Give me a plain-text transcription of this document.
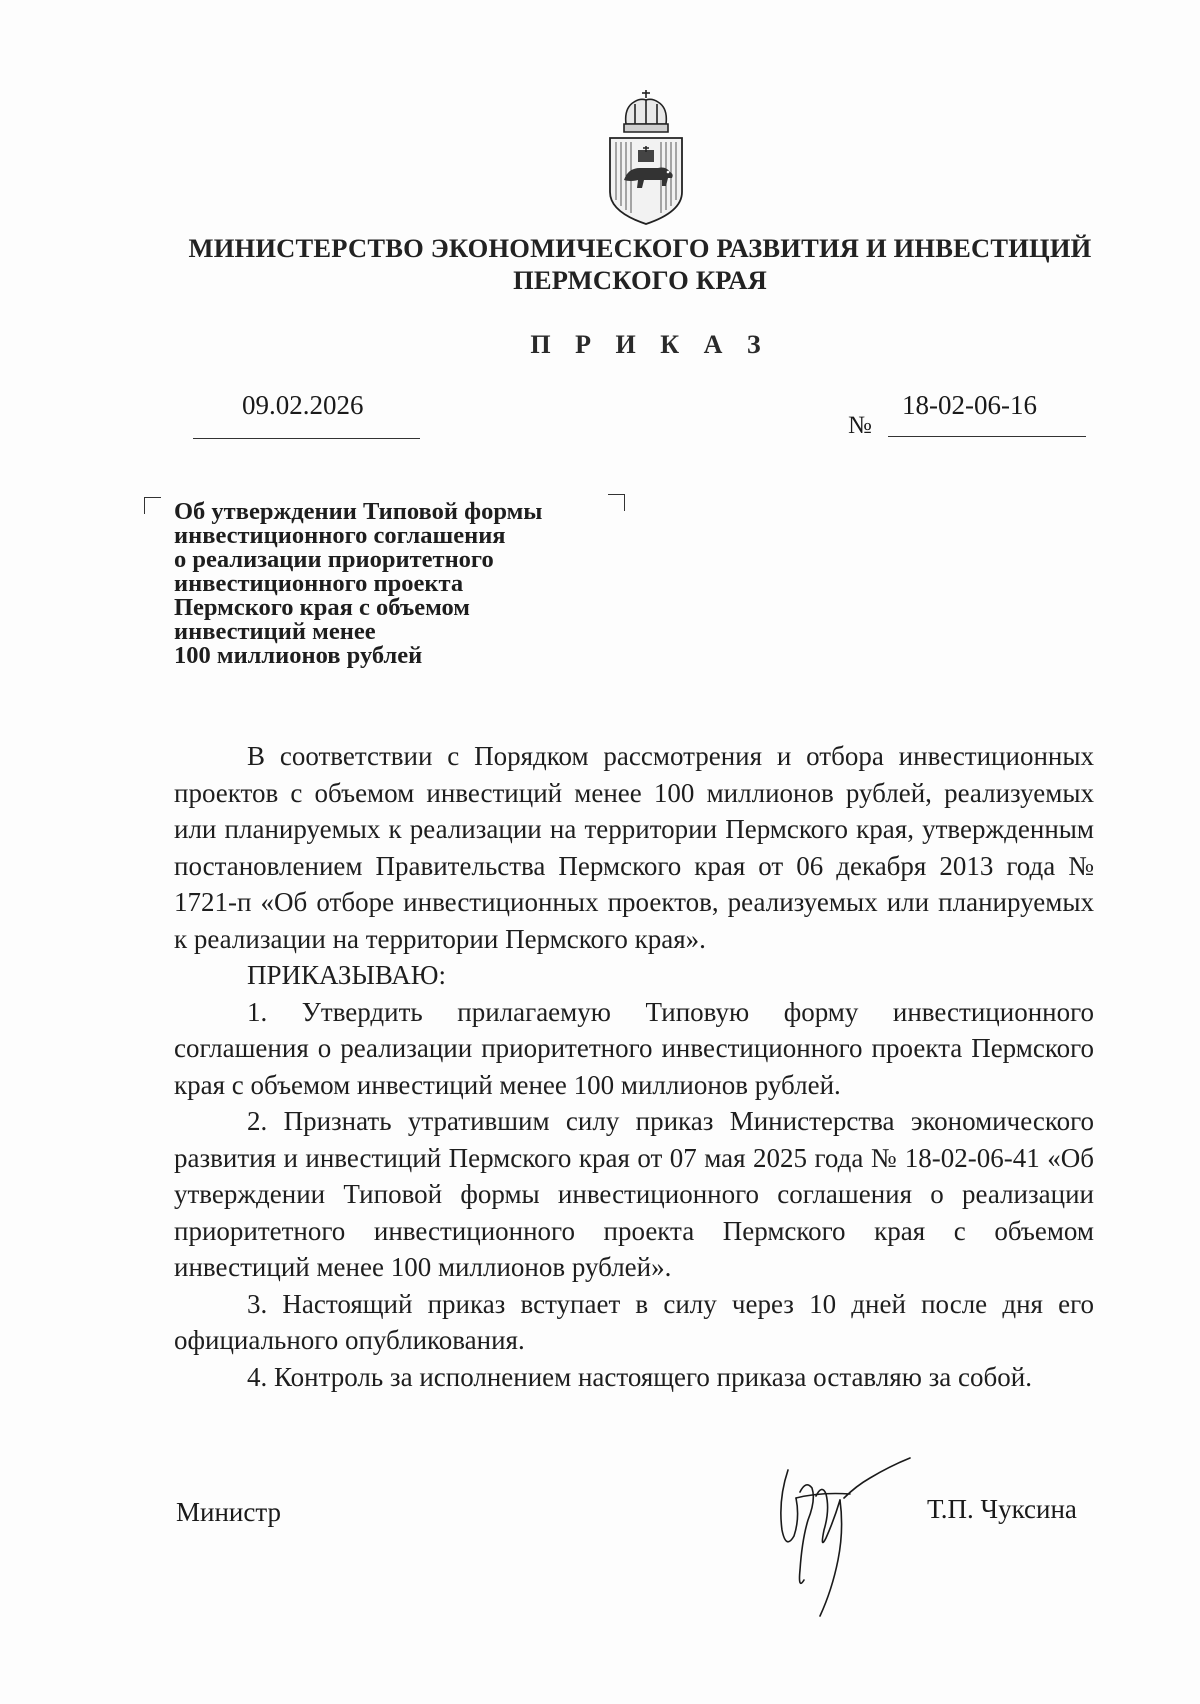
МИНИСТЕРСТВО ЭКОНОМИЧЕСКОГО РАЗВИТИЯ И ИНВЕСТИЦИЙ
ПЕРМСКОГО КРАЯ
П Р И К А З
09.02.2026
№
18-02-06-16
Об утверждении Типовой формы
инвестиционного соглашения
о реализации приоритетного
инвестиционного проекта
Пермского края с объемом
инвестиций менее
100 миллионов рублей

В соответствии с Порядком рассмотрения и отбора инвестиционных проектов с объемом инвестиций менее 100 миллионов рублей, реализуемых или планируемых к реализации на территории Пермского края, утвержденным постановлением Правительства Пермского края от 06 декабря 2013 года № 1721-п «Об отборе инвестиционных проектов, реализуемых или планируемых к реализации на территории Пермского края».

ПРИКАЗЫВАЮ:

1. Утвердить прилагаемую Типовую форму инвестиционного соглашения о реализации приоритетного инвестиционного проекта Пермского края с объемом инвестиций менее 100 миллионов рублей.

2. Признать утратившим силу приказ Министерства экономического развития и инвестиций Пермского края от 07 мая 2025 года № 18-02-06-41 «Об утверждении Типовой формы инвестиционного соглашения о реализации приоритетного инвестиционного проекта Пермского края с объемом инвестиций менее 100 миллионов рублей».

3. Настоящий приказ вступает в силу через 10 дней после дня его официального опубликования.

4. Контроль за исполнением настоящего приказа оставляю за собой.

Министр	Т.П. Чуксина
